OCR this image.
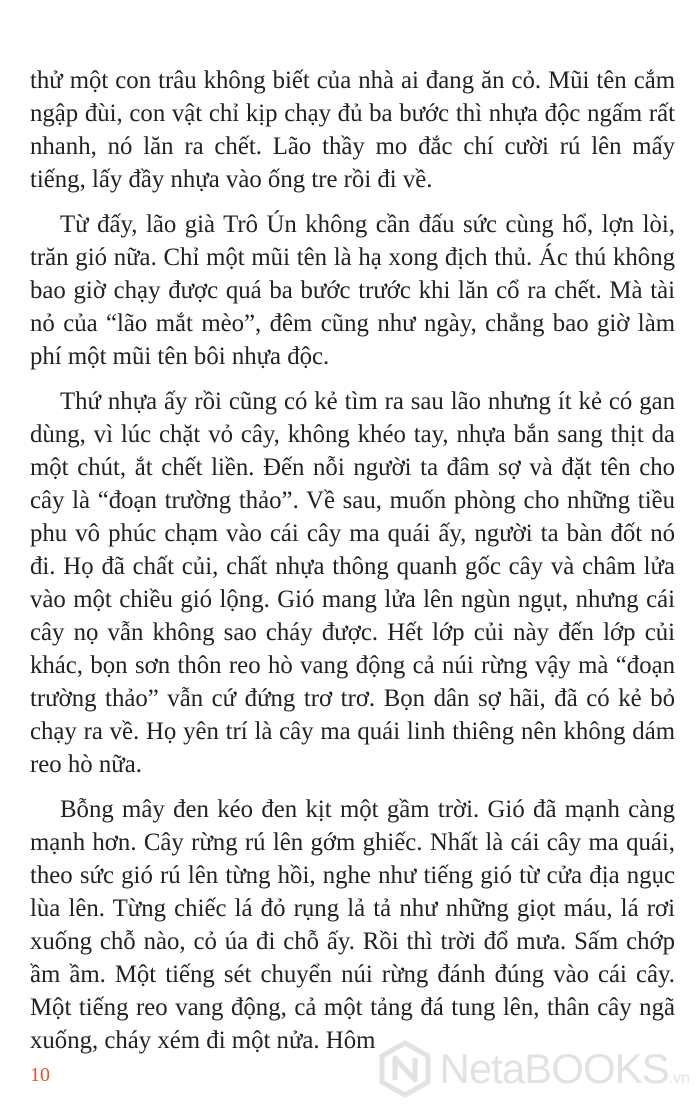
thử một con trâu không biết của nhà ai đang ăn cỏ. Mũi tên cắm ngập đùi, con vật chỉ kịp chạy đủ ba bước thì nhựa độc ngấm rất nhanh, nó lăn ra chết. Lão thầy mo đắc chí cười rú lên mấy tiếng, lấy đầy nhựa vào ống tre rồi đi về.

Từ đấy, lão già Trô Ún không cần đấu sức cùng hổ, lợn lòi, trăn gió nữa. Chỉ một mũi tên là hạ xong địch thủ. Ác thú không bao giờ chạy được quá ba bước trước khi lăn cổ ra chết. Mà tài nỏ của “lão mắt mèo”, đêm cũng như ngày, chẳng bao giờ làm phí một mũi tên bôi nhựa độc.

Thứ nhựa ấy rồi cũng có kẻ tìm ra sau lão nhưng ít kẻ có gan dùng, vì lúc chặt vỏ cây, không khéo tay, nhựa bắn sang thịt da một chút, ắt chết liền. Đến nỗi người ta đâm sợ và đặt tên cho cây là “đoạn trường thảo”. Về sau, muốn phòng cho những tiều phu vô phúc chạm vào cái cây ma quái ấy, người ta bàn đốt nó đi. Họ đã chất củi, chất nhựa thông quanh gốc cây và châm lửa vào một chiều gió lộng. Gió mang lửa lên ngùn ngụt, nhưng cái cây nọ vẫn không sao cháy được. Hết lớp củi này đến lớp củi khác, bọn sơn thôn reo hò vang động cả núi rừng vậy mà “đoạn trường thảo” vẫn cứ đứng trơ trơ. Bọn dân sợ hãi, đã có kẻ bỏ chạy ra về. Họ yên trí là cây ma quái linh thiêng nên không dám reo hò nữa.

Bỗng mây đen kéo đen kịt một gầm trời. Gió đã mạnh càng mạnh hơn. Cây rừng rú lên gớm ghiếc. Nhất là cái cây ma quái, theo sức gió rú lên từng hồi, nghe như tiếng gió từ cửa địa ngục lùa lên. Từng chiếc lá đỏ rụng lả tả như những giọt máu, lá rơi xuống chỗ nào, cỏ úa đi chỗ ấy. Rồi thì trời đổ mưa. Sấm chớp ầm ầm. Một tiếng sét chuyển núi rừng đánh đúng vào cái cây. Một tiếng reo vang động, cả một tảng đá tung lên, thân cây ngã xuống, cháy xém đi một nửa. Hôm

10	NetaBOOKS .vn
